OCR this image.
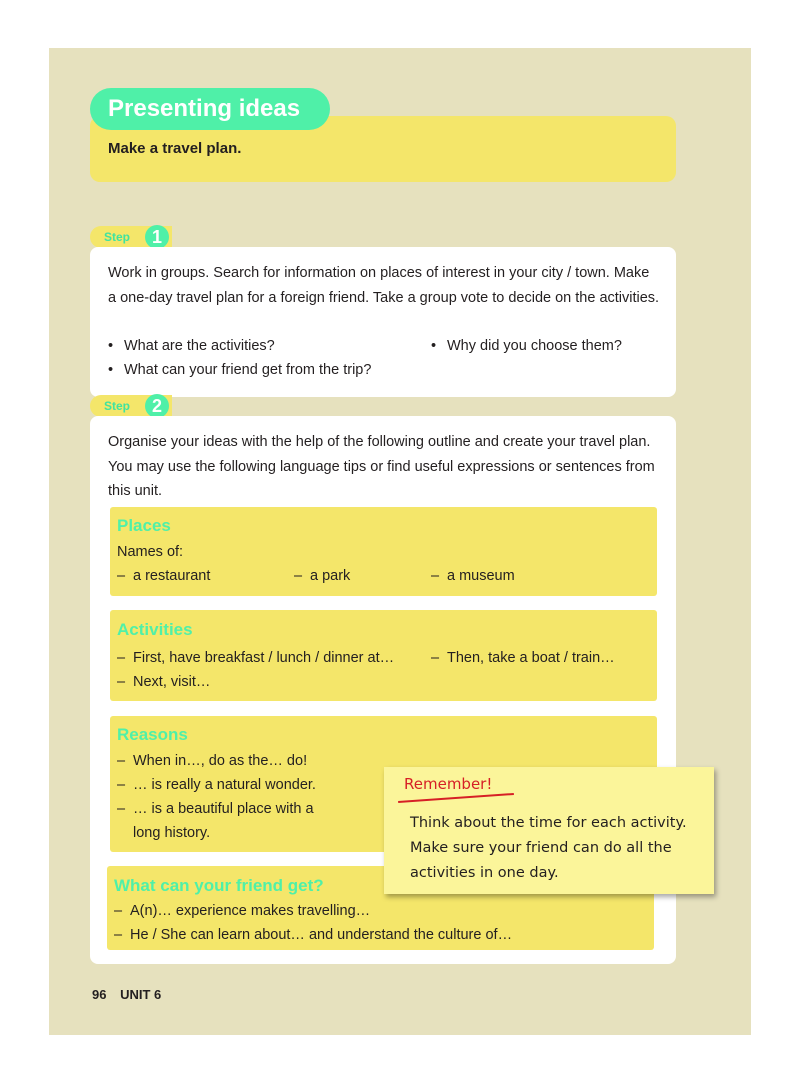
Presenting ideas
Make a travel plan.
Step	1
Work in groups. Search for information on places of interest in your city / town. Make a one-day travel plan for a foreign friend. Take a group vote to decide on the activities.
• What are the activities?	• Why did you choose them?
• What can your friend get from the trip?
Step	2
Organise your ideas with the help of the following outline and create your travel plan. You may use the following language tips or find useful expressions or sentences from this unit.
Places
Names of:
– a restaurant	– a park	– a museum
Activities
– First, have breakfast / lunch / dinner at…	– Then, take a boat / train…
– Next, visit…
Reasons
– When in…, do as the… do!
– … is really a natural wonder.
– … is a beautiful place with a
long history.
What can your friend get?
– A(n)… experience makes travelling…
– He / She can learn about… and understand the culture of…
Remember!
Think about the time for each activity.
Make sure your friend can do all the
activities in one day.
96 UNIT 6
